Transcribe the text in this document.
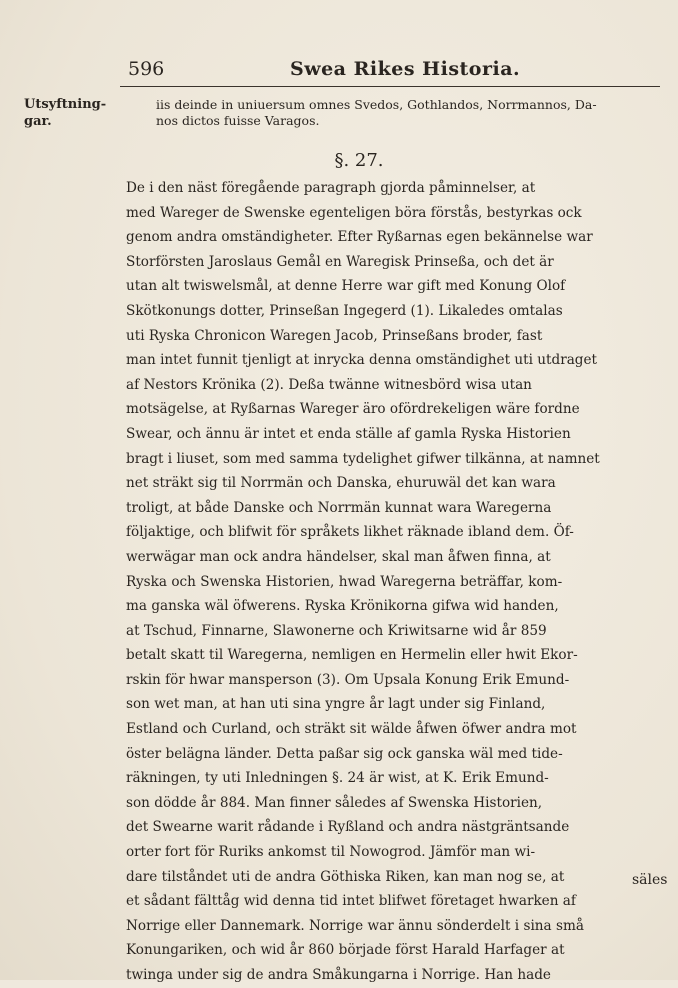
596	Swea Rikes Historia.
Utsyftning-gar.

iis deinde in uniuersum omnes Svedos, Gothlandos, Norrmannos, Da-

nos dictos fuisse Varagos.

§. 27.

De i den näst föregående paragraph gjorda påminnelser, at

med Wareger de Swenske egenteligen böra förstås, bestyrkas ock

genom andra omständigheter. Efter Ryßarnas egen bekännelse war

Storförsten Jaroslaus Gemål en Waregisk Prinseßa, och det är

utan alt twiswelsmål, at denne Herre war gift med Konung Olof

Skötkonungs dotter, Prinseßan Ingegerd (1). Likaledes omtalas

uti Ryska Chronicon Waregen Jacob, Prinseßans broder, fast

man intet funnit tjenligt at inrycka denna omständighet uti utdraget

af Nestors Krönika (2). Deßa twänne witnesbörd wisa utan

motsägelse, at Ryßarnas Wareger äro ofördrekeligen wäre fordne

Swear, och ännu är intet et enda ställe af gamla Ryska Historien

bragt i liuset, som med samma tydelighet gifwer tilkänna, at namnet

net sträkt sig til Norrmän och Danska, ehuruwäl det kan wara

troligt, at både Danske och Norrmän kunnat wara Waregerna

följaktige, och blifwit för språkets likhet räknade ibland dem. Öf-

werwägar man ock andra händelser, skal man åfwen finna, at

Ryska och Swenska Historien, hwad Waregerna beträffar, kom-

ma ganska wäl öfwerens. Ryska Krönikorna gifwa wid handen,

at Tschud, Finnarne, Slawonerne och Kriwitsarne wid år 859

betalt skatt til Waregerna, nemligen en Hermelin eller hwit Ekor-

rskin för hwar mansperson (3). Om Upsala Konung Erik Emund-

son wet man, at han uti sina yngre år lagt under sig Finland,

Estland och Curland, och sträkt sit wälde åfwen öfwer andra mot

öster belägna länder. Detta paßar sig ock ganska wäl med tide-

räkningen, ty uti Inledningen §. 24 är wist, at K. Erik Emund-

son dödde år 884. Man finner således af Swenska Historien,

det Swearne warit rådande i Ryßland och andra nästgräntsande

orter fort för Ruriks ankomst til Nowogrod. Jämför man wi-

dare tilståndet uti de andra Göthiska Riken, kan man nog se, at

et sådant fälttåg wid denna tid intet blifwet företaget hwarken af

Norrige eller Dannemark. Norrige war ännu sönderdelt i sina små

Konungariken, och wid år 860 började först Harald Harfager at

twinga under sig de andra Småkungarna i Norrige. Han hade

säles
